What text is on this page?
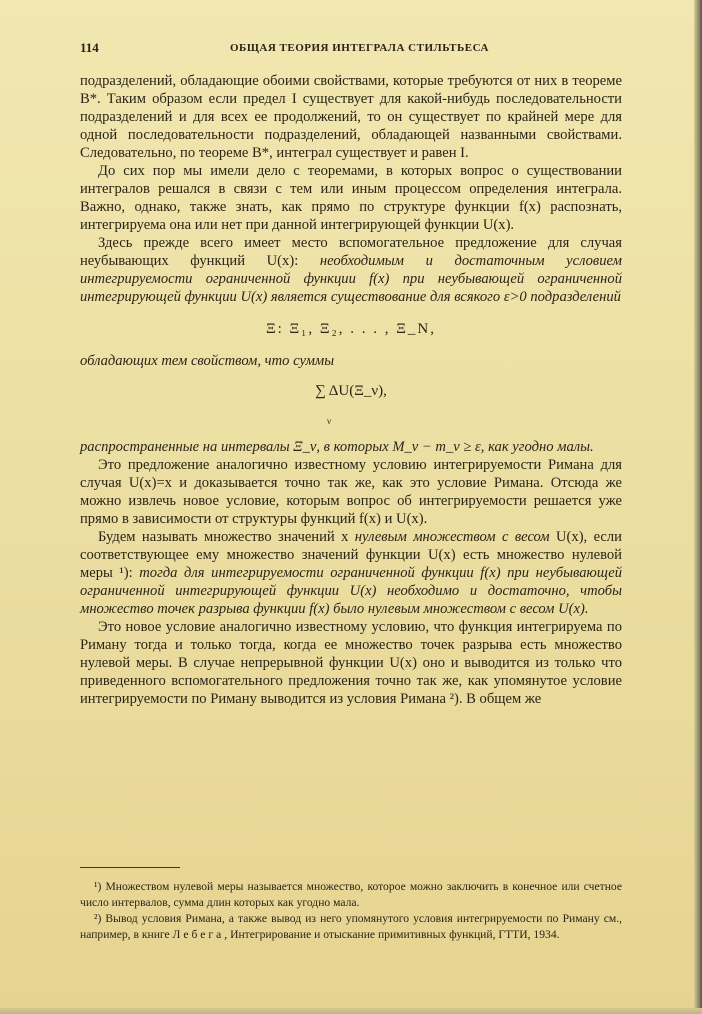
114	ОБЩАЯ ТЕОРИЯ ИНТЕГРАЛА СТИЛЬТЬЕСА

подразделений, обладающие обоими свойствами, которые требуются от них в теореме B*. Таким образом если предел I существует для какой-нибудь последовательности подразделений и для всех ее продолжений, то он существует по крайней мере для одной последовательности подразделений, обладающей названными свойствами. Следовательно, по теореме B*, интеграл существует и равен I.

До сих пор мы имели дело с теоремами, в которых вопрос о существовании интегралов решался в связи с тем или иным процессом определения интеграла. Важно, однако, также знать, как прямо по структуре функции f(x) распознать, интегрируема она или нет при данной интегрирующей функции U(x).

Здесь прежде всего имеет место вспомогательное предложение для случая неубывающих функций U(x): необходимым и достаточным условием интегрируемости ограниченной функции f(x) при неубывающей ограниченной интегрирующей функции U(x) является существование для всякого ε>0 подразделений

Ξ: Ξ₁, Ξ₂, . . . , Ξ_N,

обладающих тем свойством, что суммы

∑ ΔU(Ξ_ν),
ν

распространенные на интервалы Ξ_ν, в которых M_ν − m_ν ≥ ε, как угодно малы.

Это предложение аналогично известному условию интегрируемости Римана для случая U(x)=x и доказывается точно так же, как это условие Римана. Отсюда же можно извлечь новое условие, которым вопрос об интегрируемости решается уже прямо в зависимости от структуры функций f(x) и U(x).

Будем называть множество значений x нулевым множеством с весом U(x), если соответствующее ему множество значений функции U(x) есть множество нулевой меры ¹): тогда для интегрируемости ограниченной функции f(x) при неубывающей ограниченной интегрирующей функции U(x) необходимо и достаточно, чтобы множество точек разрыва функции f(x) было нулевым множеством с весом U(x).

Это новое условие аналогично известному условию, что функция интегрируема по Риману тогда и только тогда, когда ее множество точек разрыва есть множество нулевой меры. В случае непрерывной функции U(x) оно и выводится из только что приведенного вспомогательного предложения точно так же, как упомянутое условие интегрируемости по Риману выводится из условия Римана ²). В общем же

¹) Множеством нулевой меры называется множество, которое можно заключить в конечное или счетное число интервалов, сумма длин которых как угодно мала.

²) Вывод условия Римана, а также вывод из него упомянутого условия интегрируемости по Риману см., например, в книге Лебега, Интегрирование и отыскание примитивных функций, ГТТИ, 1934.
